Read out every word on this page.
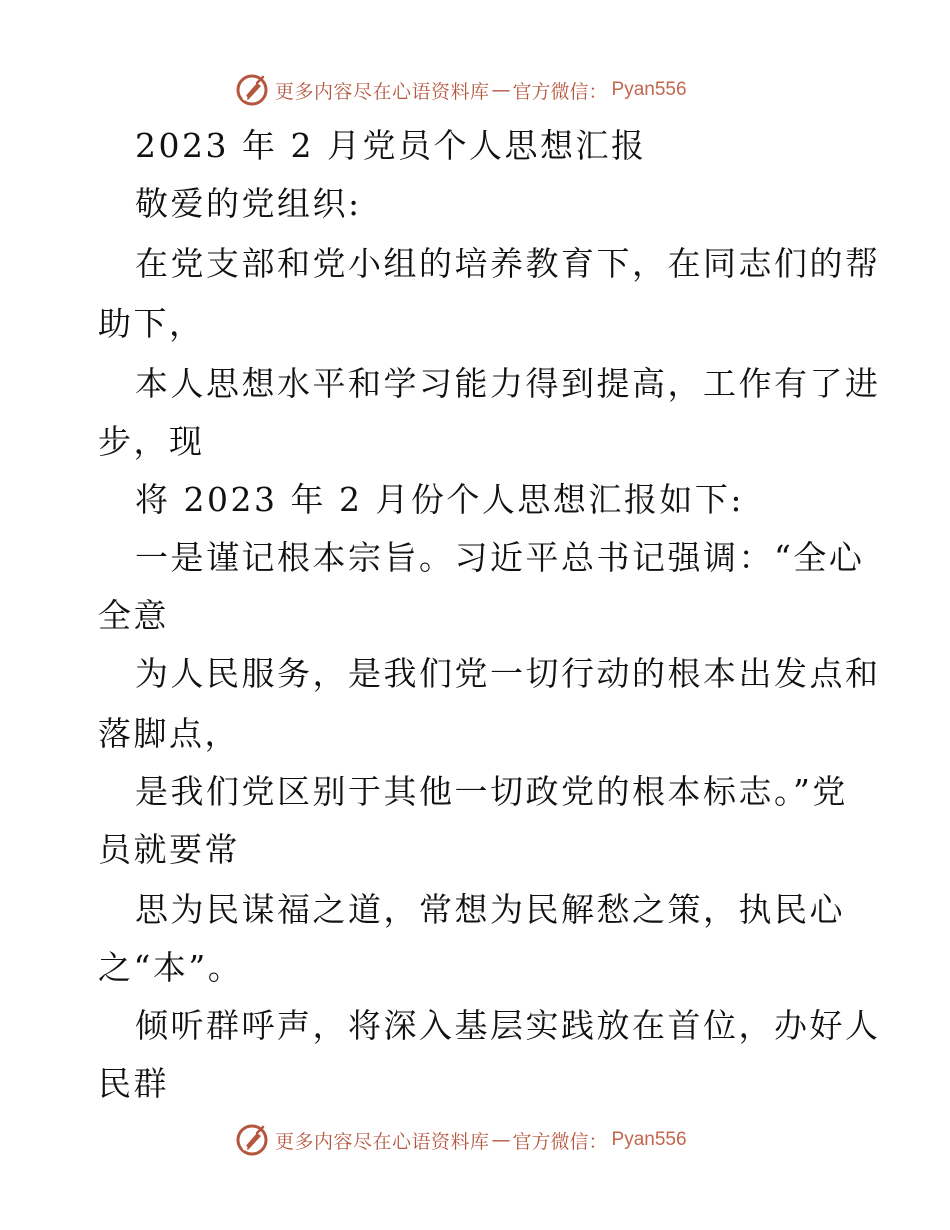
更多内容尽在心语资料库 — 官方微信： Pyan556
2023 年 2 月党员个人思想汇报
敬爱的党组织:
在党支部和党小组的培养教育下，在同志们的帮
助下，
本人思想水平和学习能力得到提高，工作有了进
步，现
将 2023 年 2 月份个人思想汇报如下:
一是谨记根本宗旨。习近平总书记强调：“全心
全意
为人民服务，是我们党一切行动的根本出发点和
落脚点，
是我们党区别于其他一切政党的根本标志。”党
员就要常
思为民谋福之道，常想为民解愁之策，执民心
之“本”。
倾听群呼声，将深入基层实践放在首位，办好人
民群
更多内容尽在心语资料库 — 官方微信： Pyan556
